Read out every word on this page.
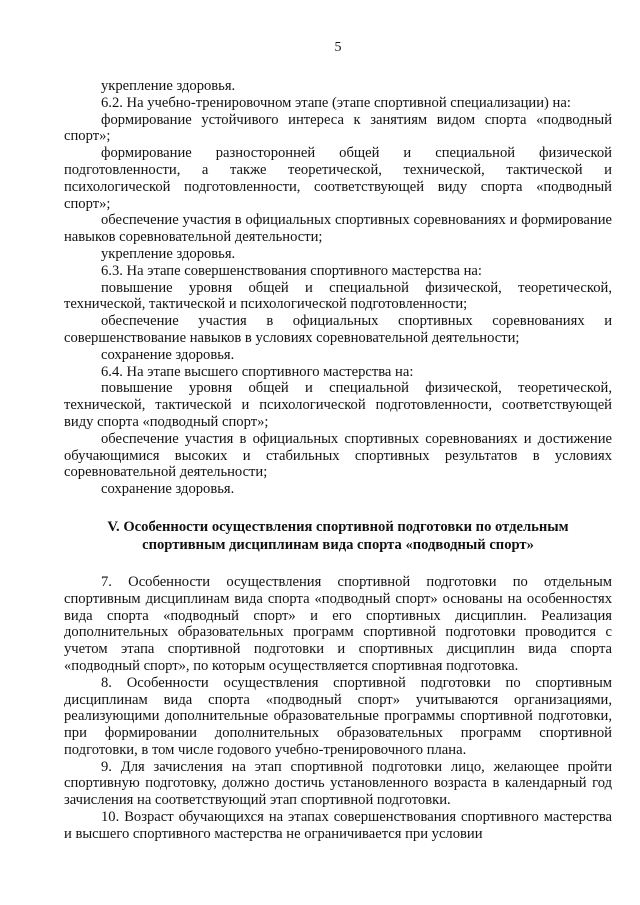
5

укрепление здоровья.

6.2. На учебно-тренировочном этапе (этапе спортивной специализации) на:

формирование устойчивого интереса к занятиям видом спорта «подводный спорт»;

формирование разносторонней общей и специальной физической подготовленности, а также теоретической, технической, тактической и психологической подготовленности, соответствующей виду спорта «подводный спорт»;

обеспечение участия в официальных спортивных соревнованиях и формирование навыков соревновательной деятельности;

укрепление здоровья.

6.3. На этапе совершенствования спортивного мастерства на:

повышение уровня общей и специальной физической, теоретической, технической, тактической и психологической подготовленности;

обеспечение участия в официальных спортивных соревнованиях и совершенствование навыков в условиях соревновательной деятельности;

сохранение здоровья.

6.4. На этапе высшего спортивного мастерства на:

повышение уровня общей и специальной физической, теоретической, технической, тактической и психологической подготовленности, соответствующей виду спорта «подводный спорт»;

обеспечение участия в официальных спортивных соревнованиях и достижение обучающимися высоких и стабильных спортивных результатов в условиях соревновательной деятельности;

сохранение здоровья.

V. Особенности осуществления спортивной подготовки по отдельным спортивным дисциплинам вида спорта «подводный спорт»

7. Особенности осуществления спортивной подготовки по отдельным спортивным дисциплинам вида спорта «подводный спорт» основаны на особенностях вида спорта «подводный спорт» и его спортивных дисциплин. Реализация дополнительных образовательных программ спортивной подготовки проводится с учетом этапа спортивной подготовки и спортивных дисциплин вида спорта «подводный спорт», по которым осуществляется спортивная подготовка.

8. Особенности осуществления спортивной подготовки по спортивным дисциплинам вида спорта «подводный спорт» учитываются организациями, реализующими дополнительные образовательные программы спортивной подготовки, при формировании дополнительных образовательных программ спортивной подготовки, в том числе годового учебно-тренировочного плана.

9. Для зачисления на этап спортивной подготовки лицо, желающее пройти спортивную подготовку, должно достичь установленного возраста в календарный год зачисления на соответствующий этап спортивной подготовки.

10. Возраст обучающихся на этапах совершенствования спортивного мастерства и высшего спортивного мастерства не ограничивается при условии
